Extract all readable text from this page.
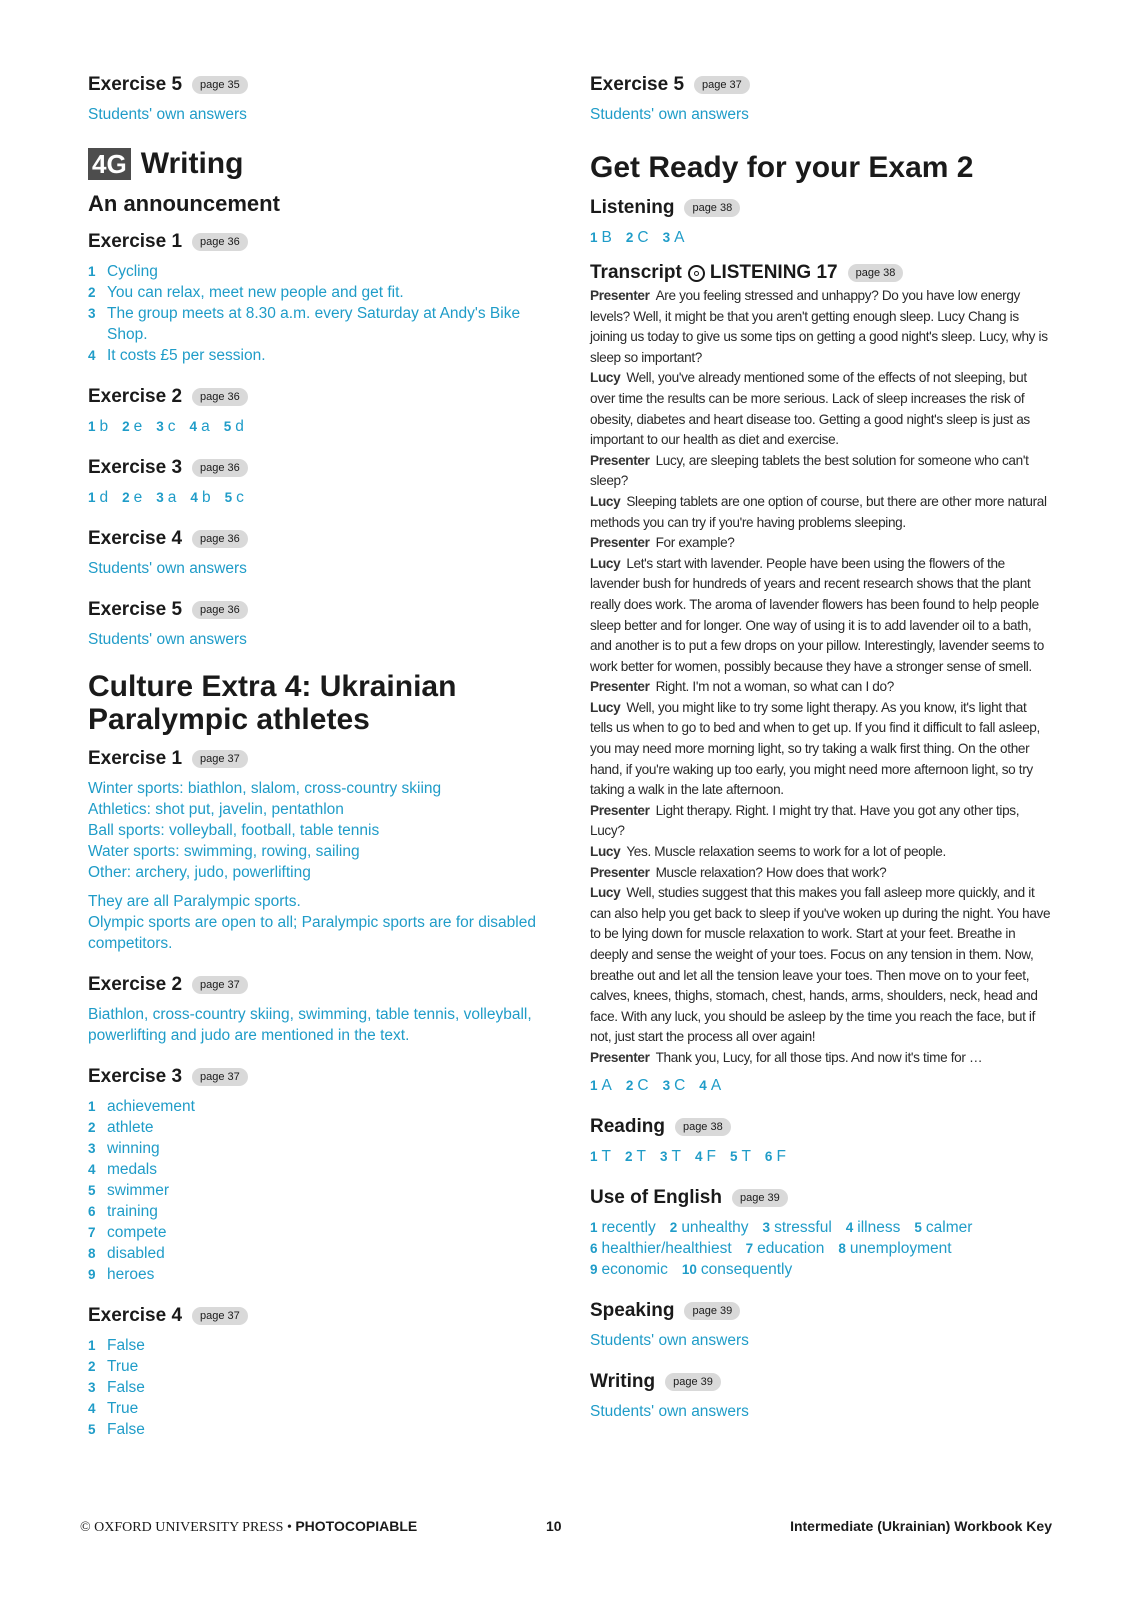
Exercise 5	page 35

Students' own answers

4G Writing

An announcement

Exercise 1	page 36

1 Cycling
2 You can relax, meet new people and get fit.
3 The group meets at 8.30 a.m. every Saturday at Andy's Bike Shop.
4 It costs £5 per session.

Exercise 2	page 36

1 b 2 e 3 c 4 a 5 d

Exercise 3	page 36

1 d 2 e 3 a 4 b 5 c

Exercise 4	page 36

Students' own answers

Exercise 5	page 36

Students' own answers

Culture Extra 4: Ukrainian
Paralympic athletes

Exercise 1	page 37

Winter sports: biathlon, slalom, cross-country skiing

Athletics: shot put, javelin, pentathlon

Ball sports: volleyball, football, table tennis

Water sports: swimming, rowing, sailing

Other: archery, judo, powerlifting

They are all Paralympic sports.

Olympic sports are open to all; Paralympic sports are for disabled competitors.

Exercise 2	page 37

Biathlon, cross-country skiing, swimming, table tennis, volleyball, powerlifting and judo are mentioned in the text.

Exercise 3	page 37

1 achievement
2 athlete
3 winning
4 medals
5 swimmer
6 training
7 compete
8 disabled
9 heroes

Exercise 4	page 37

1 False
2 True
3 False
4 True
5 False

Exercise 5	page 37

Students' own answers

Get Ready for your Exam 2

Listening	page 38

1 B 2 C 3 A

Transcript LISTENING 17	page 38

Presenter Are you feeling stressed and unhappy? Do you have low energy levels? Well, it might be that you aren't getting enough sleep. Lucy Chang is joining us today to give us some tips on getting a good night's sleep. Lucy, why is sleep so important?

Lucy Well, you've already mentioned some of the effects of not sleeping, but over time the results can be more serious. Lack of sleep increases the risk of obesity, diabetes and heart disease too. Getting a good night's sleep is just as important to our health as diet and exercise.

Presenter Lucy, are sleeping tablets the best solution for someone who can't sleep?

Lucy Sleeping tablets are one option of course, but there are other more natural methods you can try if you're having problems sleeping.

Presenter For example?

Lucy Let's start with lavender. People have been using the flowers of the lavender bush for hundreds of years and recent research shows that the plant really does work. The aroma of lavender flowers has been found to help people sleep better and for longer. One way of using it is to add lavender oil to a bath, and another is to put a few drops on your pillow. Interestingly, lavender seems to work better for women, possibly because they have a stronger sense of smell.

Presenter Right. I'm not a woman, so what can I do?

Lucy Well, you might like to try some light therapy. As you know, it's light that tells us when to go to bed and when to get up. If you find it difficult to fall asleep, you may need more morning light, so try taking a walk first thing. On the other hand, if you're waking up too early, you might need more afternoon light, so try taking a walk in the late afternoon.

Presenter Light therapy. Right. I might try that. Have you got any other tips, Lucy?

Lucy Yes. Muscle relaxation seems to work for a lot of people.

Presenter Muscle relaxation? How does that work?

Lucy Well, studies suggest that this makes you fall asleep more quickly, and it can also help you get back to sleep if you've woken up during the night. You have to be lying down for muscle relaxation to work. Start at your feet. Breathe in deeply and sense the weight of your toes. Focus on any tension in them. Now, breathe out and let all the tension leave your toes. Then move on to your feet, calves, knees, thighs, stomach, chest, hands, arms, shoulders, neck, head and face. With any luck, you should be asleep by the time you reach the face, but if not, just start the process all over again!

Presenter Thank you, Lucy, for all those tips. And now it's time for …

1 A 2 C 3 C 4 A

Reading	page 38

1 T 2 T 3 T 4 F 5 T 6 F

Use of English	page 39

1 recently 2 unhealthy 3 stressful 4 illness 5 calmer
6 healthier/healthiest 7 education 8 unemployment
9 economic 10 consequently

Speaking	page 39

Students' own answers

Writing	page 39

Students' own answers

© OXFORD UNIVERSITY PRESS • PHOTOCOPIABLE	10	Intermediate (Ukrainian) Workbook Key
